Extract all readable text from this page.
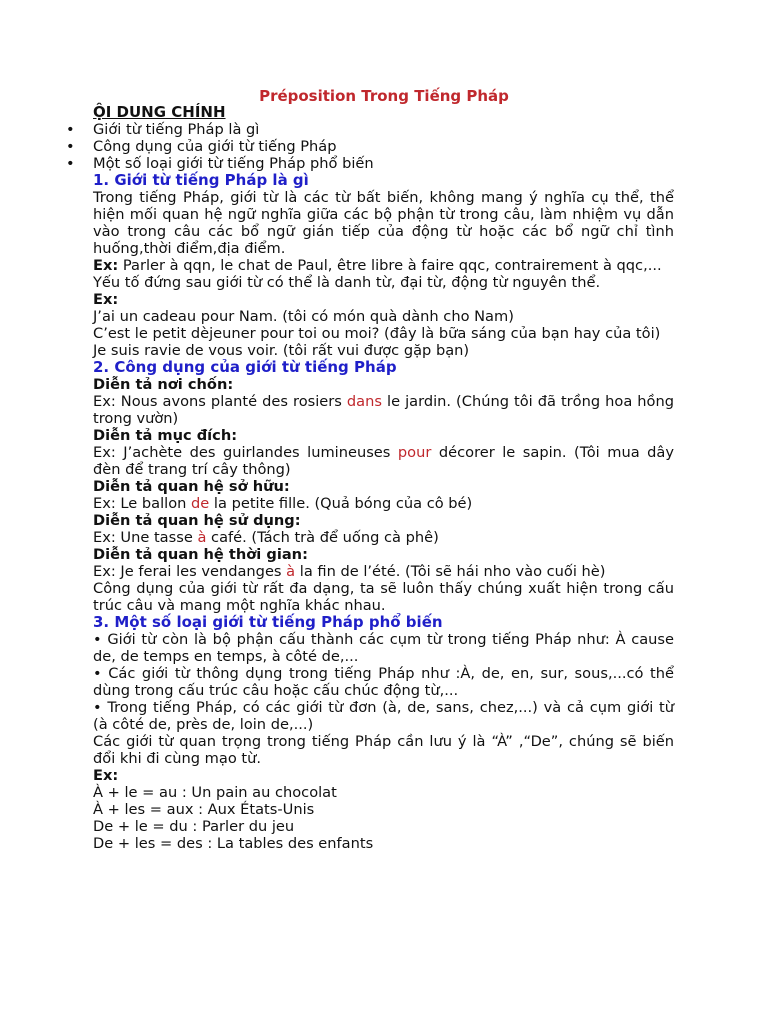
Préposition Trong Tiếng Pháp

ỘI DUNG CHÍNH

• Giới từ tiếng Pháp là gì
• Công dụng của giới từ tiếng Pháp
• Một số loại giới từ tiếng Pháp phổ biến

1. Giới từ tiếng Pháp là gì

Trong tiếng Pháp, giới từ là các từ bất biến, không mang ý nghĩa cụ thể, thể hiện mối quan hệ ngữ nghĩa giữa các bộ phận từ trong câu, làm nhiệm vụ dẫn vào trong câu các bổ ngữ gián tiếp của động từ hoặc các bổ ngữ chỉ tình huống,thời điểm,địa điểm.

Ex: Parler à qqn, le chat de Paul, être libre à faire qqc, contrairement à qqc,...

Yếu tố đứng sau giới từ có thể là danh từ, đại từ, động từ nguyên thể.

Ex:

J’ai un cadeau pour Nam. (tôi có món quà dành cho Nam)

C’est le petit dèjeuner pour toi ou moi? (đây là bữa sáng của bạn hay của tôi)

Je suis ravie de vous voir. (tôi rất vui được gặp bạn)

2. Công dụng của giới từ tiếng Pháp

Diễn tả nơi chốn:

Ex: Nous avons planté des rosiers dans le jardin. (Chúng tôi đã trồng hoa hồng trong vườn)

Diễn tả mục đích:

Ex: J’achète des guirlandes lumineuses pour décorer le sapin. (Tôi mua dây đèn để trang trí cây thông)

Diễn tả quan hệ sở hữu:

Ex: Le ballon de la petite fille. (Quả bóng của cô bé)

Diễn tả quan hệ sử dụng:

Ex: Une tasse à café. (Tách trà để uống cà phê)

Diễn tả quan hệ thời gian:

Ex: Je ferai les vendanges à la fin de l’été. (Tôi sẽ hái nho vào cuối hè)

Công dụng của giới từ rất đa dạng, ta sẽ luôn thấy chúng xuất hiện trong cấu trúc câu và mang một nghĩa khác nhau.

3. Một số loại giới từ tiếng Pháp phổ biến

• Giới từ còn là bộ phận cấu thành các cụm từ trong tiếng Pháp như: À cause de, de temps en temps, à côté de,...

• Các giới từ thông dụng trong tiếng Pháp như :À, de, en, sur, sous,...có thể dùng trong cấu trúc câu hoặc cấu chúc động từ,...

• Trong tiếng Pháp, có các giới từ đơn (à, de, sans, chez,...) và cả cụm giới từ (à côté de, près de, loin de,...)

Các giới từ quan trọng trong tiếng Pháp cần lưu ý là “À” ,“De”, chúng sẽ biến đổi khi đi cùng mạo từ.

Ex:

À + le = au : Un pain au chocolat

À + les = aux : Aux États-Unis

De + le = du : Parler du jeu

De + les = des : La tables des enfants
